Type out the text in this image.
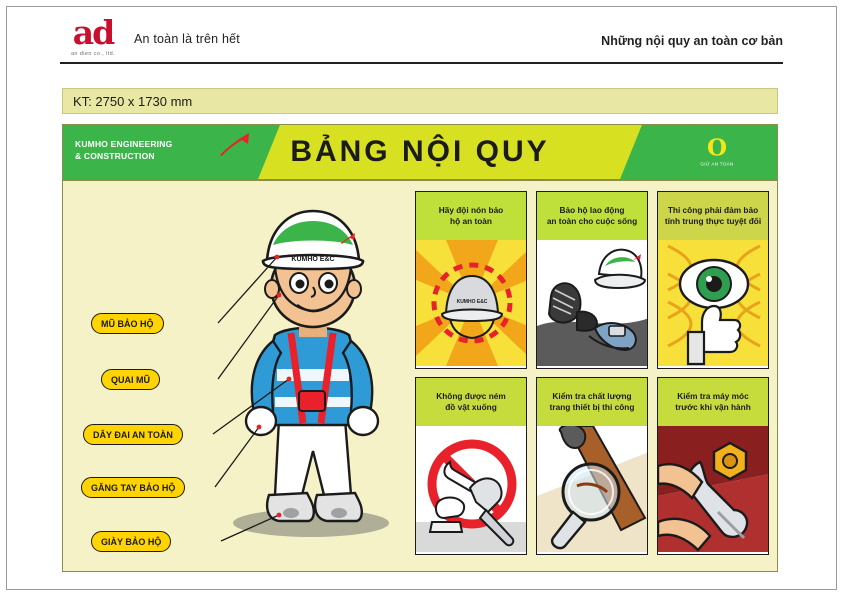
ad
an dien co., ltd.
An toàn là trên hết	Những nội quy an toàn cơ bản
KT: 2750 x 1730 mm
KUMHO ENGINEERING
& CONSTRUCTION	BẢNG NỘI QUY	O
GIỮ AN TOÀN
KUMHO E&C
MŨ BẢO HỘ
QUAI MŨ
DÂY ĐAI AN TOÀN
GĂNG TAY BẢO HỘ
GIÀY BẢO HỘ
Hãy đội nón bảo
hộ an toàn
KUMHO E&C
Bảo hộ lao động
an toàn cho cuộc sống
Thi công phải đảm bảo
tính trung thực tuyệt đối
Không được ném
đồ vật xuống
Kiểm tra chất lượng
trang thiết bị thi công
Kiểm tra máy móc
trước khi vận hành
